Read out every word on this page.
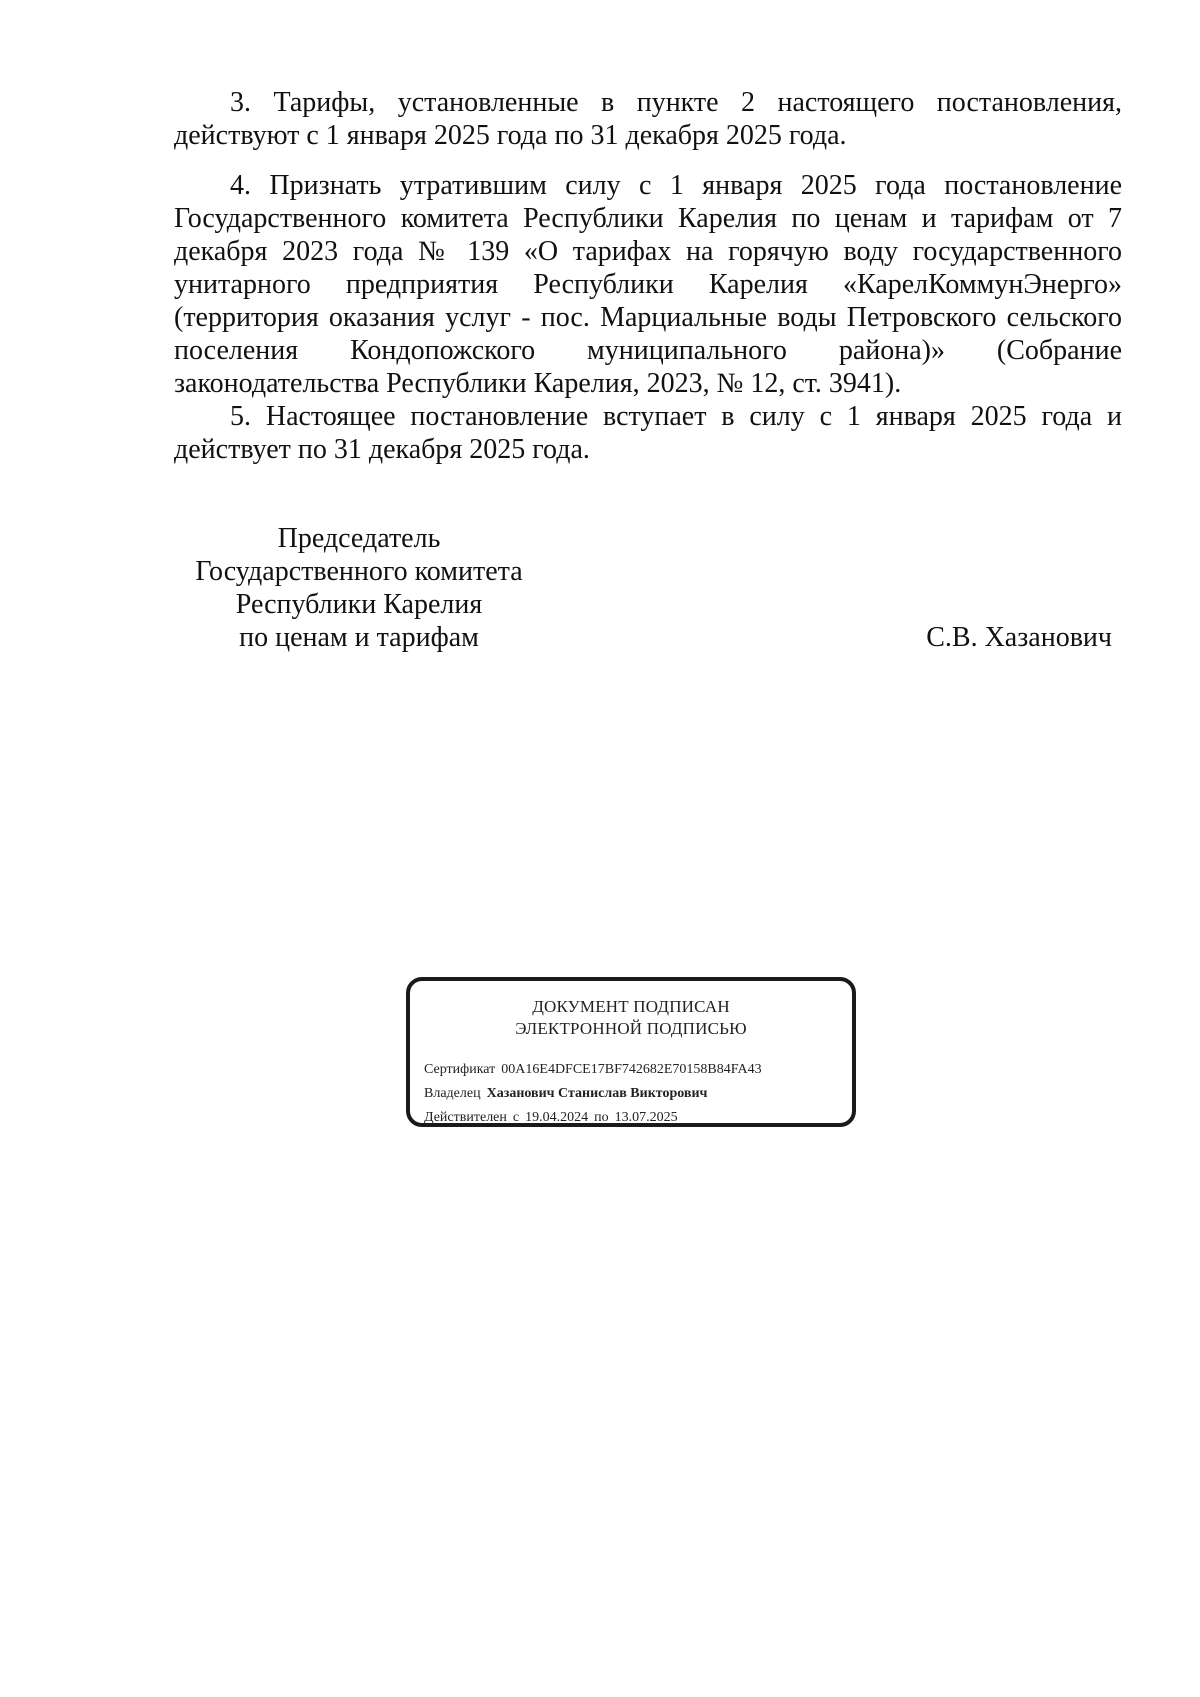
3. Тарифы, установленные в пункте 2 настоящего постановления, действуют с 1 января 2025 года по 31 декабря 2025 года.

4. Признать утратившим силу с 1 января 2025 года постановление Государственного комитета Республики Карелия по ценам и тарифам от 7 декабря 2023 года № 139 «О тарифах на горячую воду государственного унитарного предприятия Республики Карелия «КарелКоммунЭнерго» (территория оказания услуг - пос. Марциальные воды Петровского сельского поселения Кондопожского муниципального района)» (Собрание законодательства Республики Карелия, 2023, № 12, ст. 3941).

5. Настоящее постановление вступает в силу с 1 января 2025 года и действует по 31 декабря 2025 года.

Председатель
Государственного комитета
Республики Карелия
по ценам и тарифам	С.В. Хазанович
ДОКУМЕНТ ПОДПИСАН
ЭЛЕКТРОННОЙ ПОДПИСЬЮ
Сертификат 00A16E4DFCE17BF742682E70158B84FA43
Владелец Хазанович Станислав Викторович
Действителен с 19.04.2024 по 13.07.2025
